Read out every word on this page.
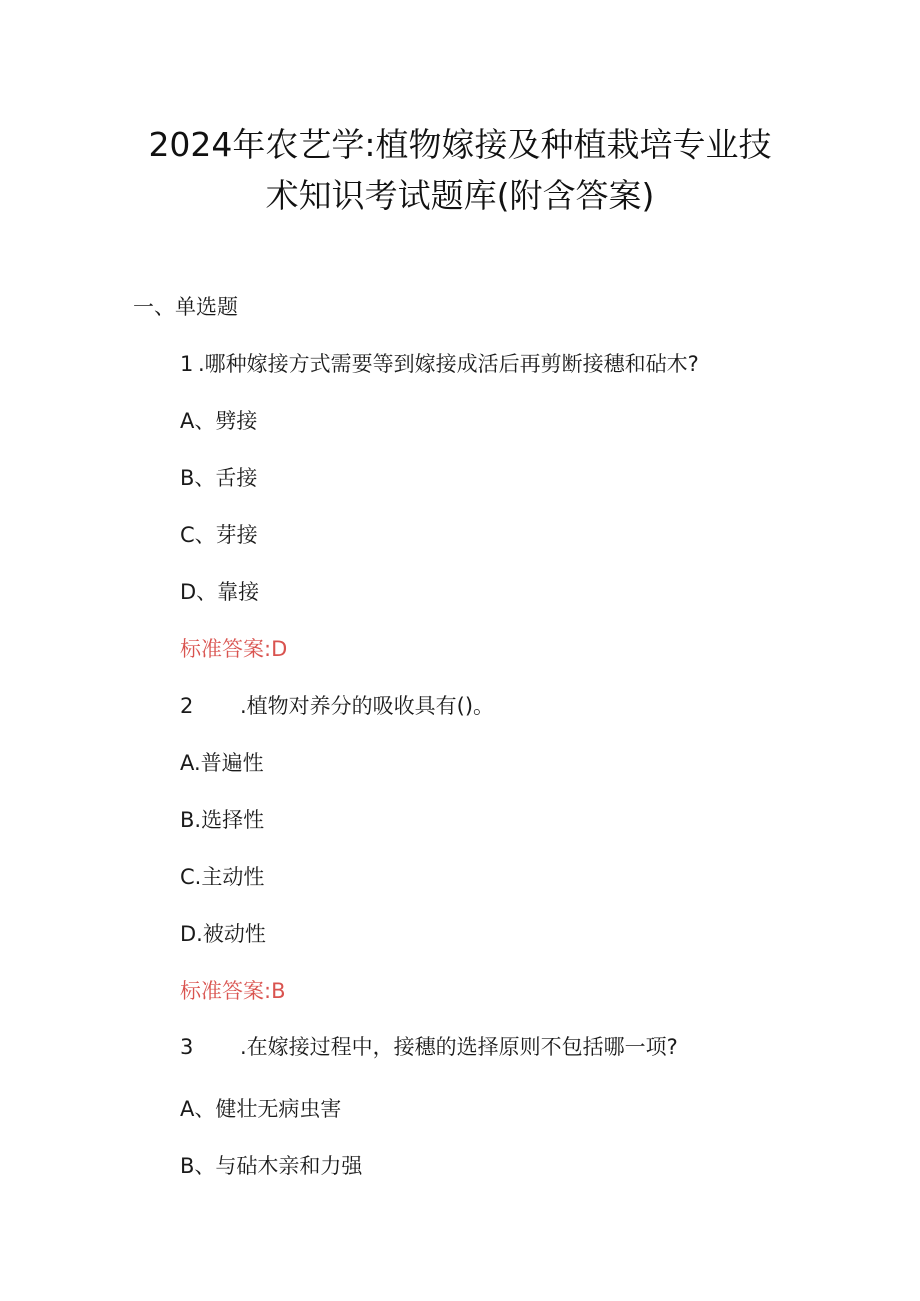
2024年农艺学:植物嫁接及种植栽培专业技
术知识考试题库(附含答案)
一、单选题
1 .哪种嫁接方式需要等到嫁接成活后再剪断接穗和砧木?
A、劈接
B、舌接
C、芽接
D、靠接
标准答案:D
2 .植物对养分的吸收具有()。
A.普遍性
B.选择性
C.主动性
D.被动性
标准答案:B
3 .在嫁接过程中，接穗的选择原则不包括哪一项?
A、健壮无病虫害
B、与砧木亲和力强
